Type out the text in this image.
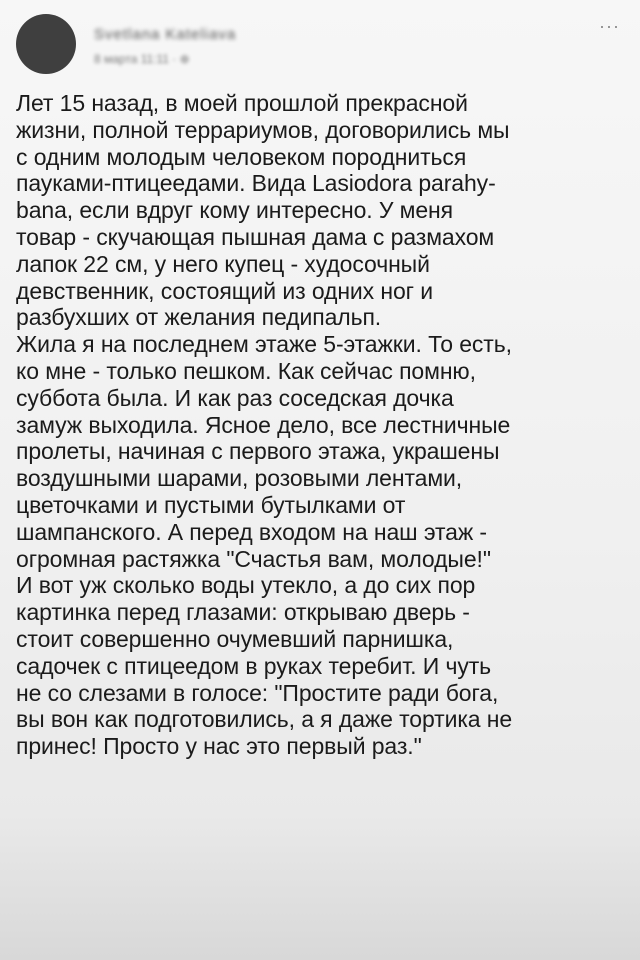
Svetlana Kateliava
8 марта 11:11 · ⊕
···
Лет 15 назад, в моей прошлой прекрасной
жизни, полной террариумов, договорились мы
с одним молодым человеком породниться
пауками-птицеедами. Вида Lasiodora parahy-
bana, если вдруг кому интересно. У меня
товар - скучающая пышная дама с размахом
лапок 22 см, у него купец - худосочный
девственник, состоящий из одних ног и
разбухших от желания педипальп.
Жила я на последнем этаже 5-этажки. То есть,
ко мне - только пешком. Как сейчас помню,
суббота была. И как раз соседская дочка
замуж выходила. Ясное дело, все лестничные
пролеты, начиная с первого этажа, украшены
воздушными шарами, розовыми лентами,
цветочками и пустыми бутылками от
шампанского. А перед входом на наш этаж -
огромная растяжка "Счастья вам, молодые!"
И вот уж сколько воды утекло, а до сих пор
картинка перед глазами: открываю дверь -
стоит совершенно очумевший парнишка,
садочек с птицеедом в руках теребит. И чуть
не со слезами в голосе: "Простите ради бога,
вы вон как подготовились, а я даже тортика не
принес! Просто у нас это первый раз."
